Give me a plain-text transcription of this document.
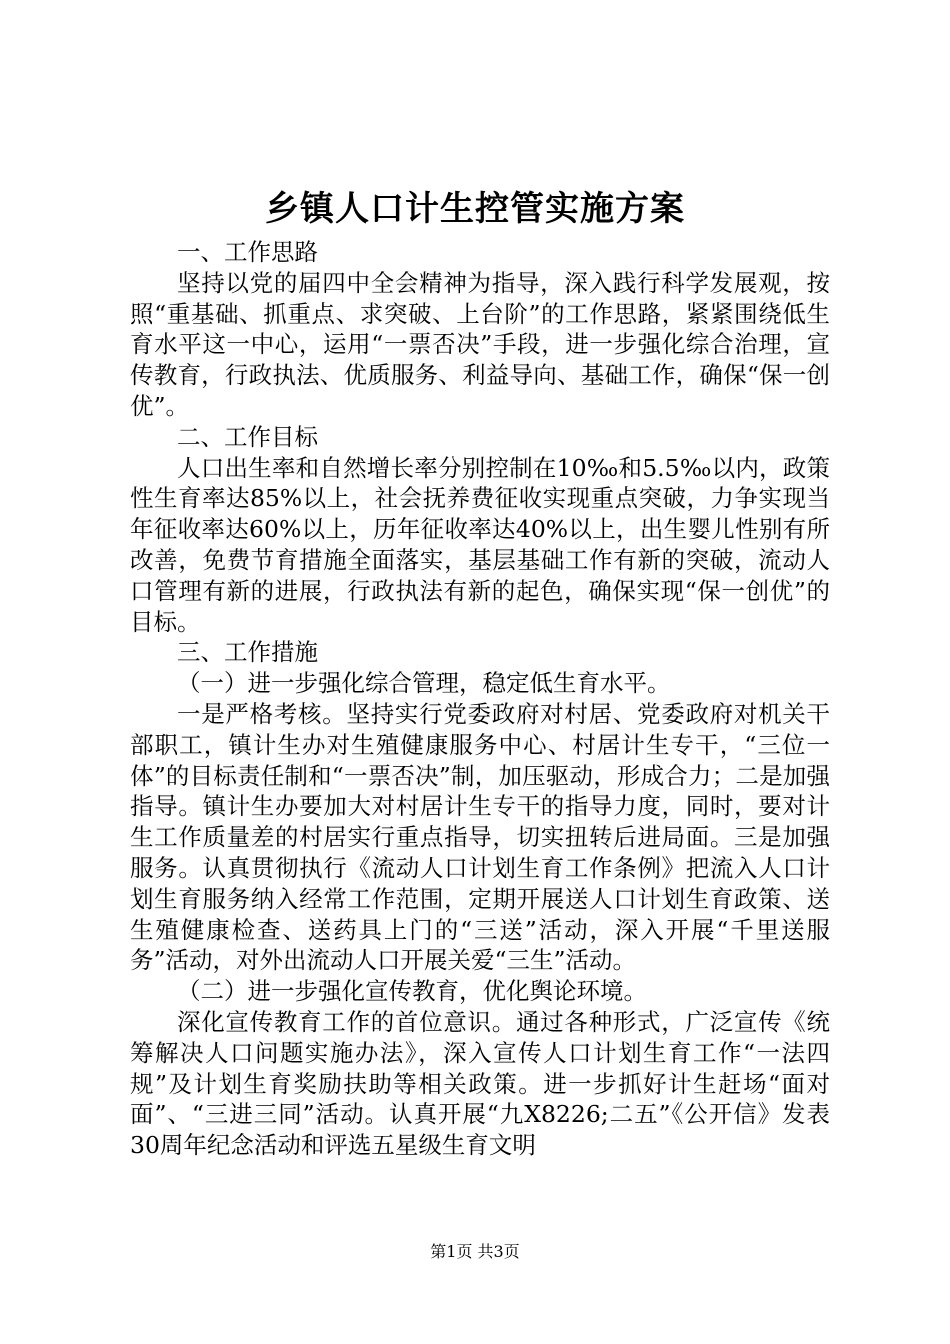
乡镇人口计生控管实施方案

一、工作思路

坚持以党的届四中全会精神为指导，深入践行科学发展观，按照“重基础、抓重点、求突破、上台阶”的工作思路，紧紧围绕低生育水平这一中心，运用“一票否决”手段，进一步强化综合治理，宣传教育，行政执法、优质服务、利益导向、基础工作，确保“保一创优”。

二、工作目标

人口出生率和自然增长率分别控制在10‰和5.5‰以内，政策性生育率达85%以上，社会抚养费征收实现重点突破，力争实现当年征收率达60%以上，历年征收率达40%以上，出生婴儿性别有所改善，免费节育措施全面落实，基层基础工作有新的突破，流动人口管理有新的进展，行政执法有新的起色，确保实现“保一创优”的目标。

三、工作措施

（一）进一步强化综合管理，稳定低生育水平。

一是严格考核。坚持实行党委政府对村居、党委政府对机关干部职工，镇计生办对生殖健康服务中心、村居计生专干，“三位一体”的目标责任制和“一票否决”制，加压驱动，形成合力；二是加强指导。镇计生办要加大对村居计生专干的指导力度，同时，要对计生工作质量差的村居实行重点指导，切实扭转后进局面。三是加强服务。认真贯彻执行《流动人口计划生育工作条例》把流入人口计划生育服务纳入经常工作范围，定期开展送人口计划生育政策、送生殖健康检查、送药具上门的“三送”活动，深入开展“千里送服务”活动，对外出流动人口开展关爱“三生”活动。

（二）进一步强化宣传教育，优化舆论环境。

深化宣传教育工作的首位意识。通过各种形式，广泛宣传《统筹解决人口问题实施办法》，深入宣传人口计划生育工作“一法四规”及计划生育奖励扶助等相关政策。进一步抓好计生赶场“面对面”、“三进三同”活动。认真开展“九X8226;二五”《公开信》发表30周年纪念活动和评选五星级生育文明

第1页 共3页
